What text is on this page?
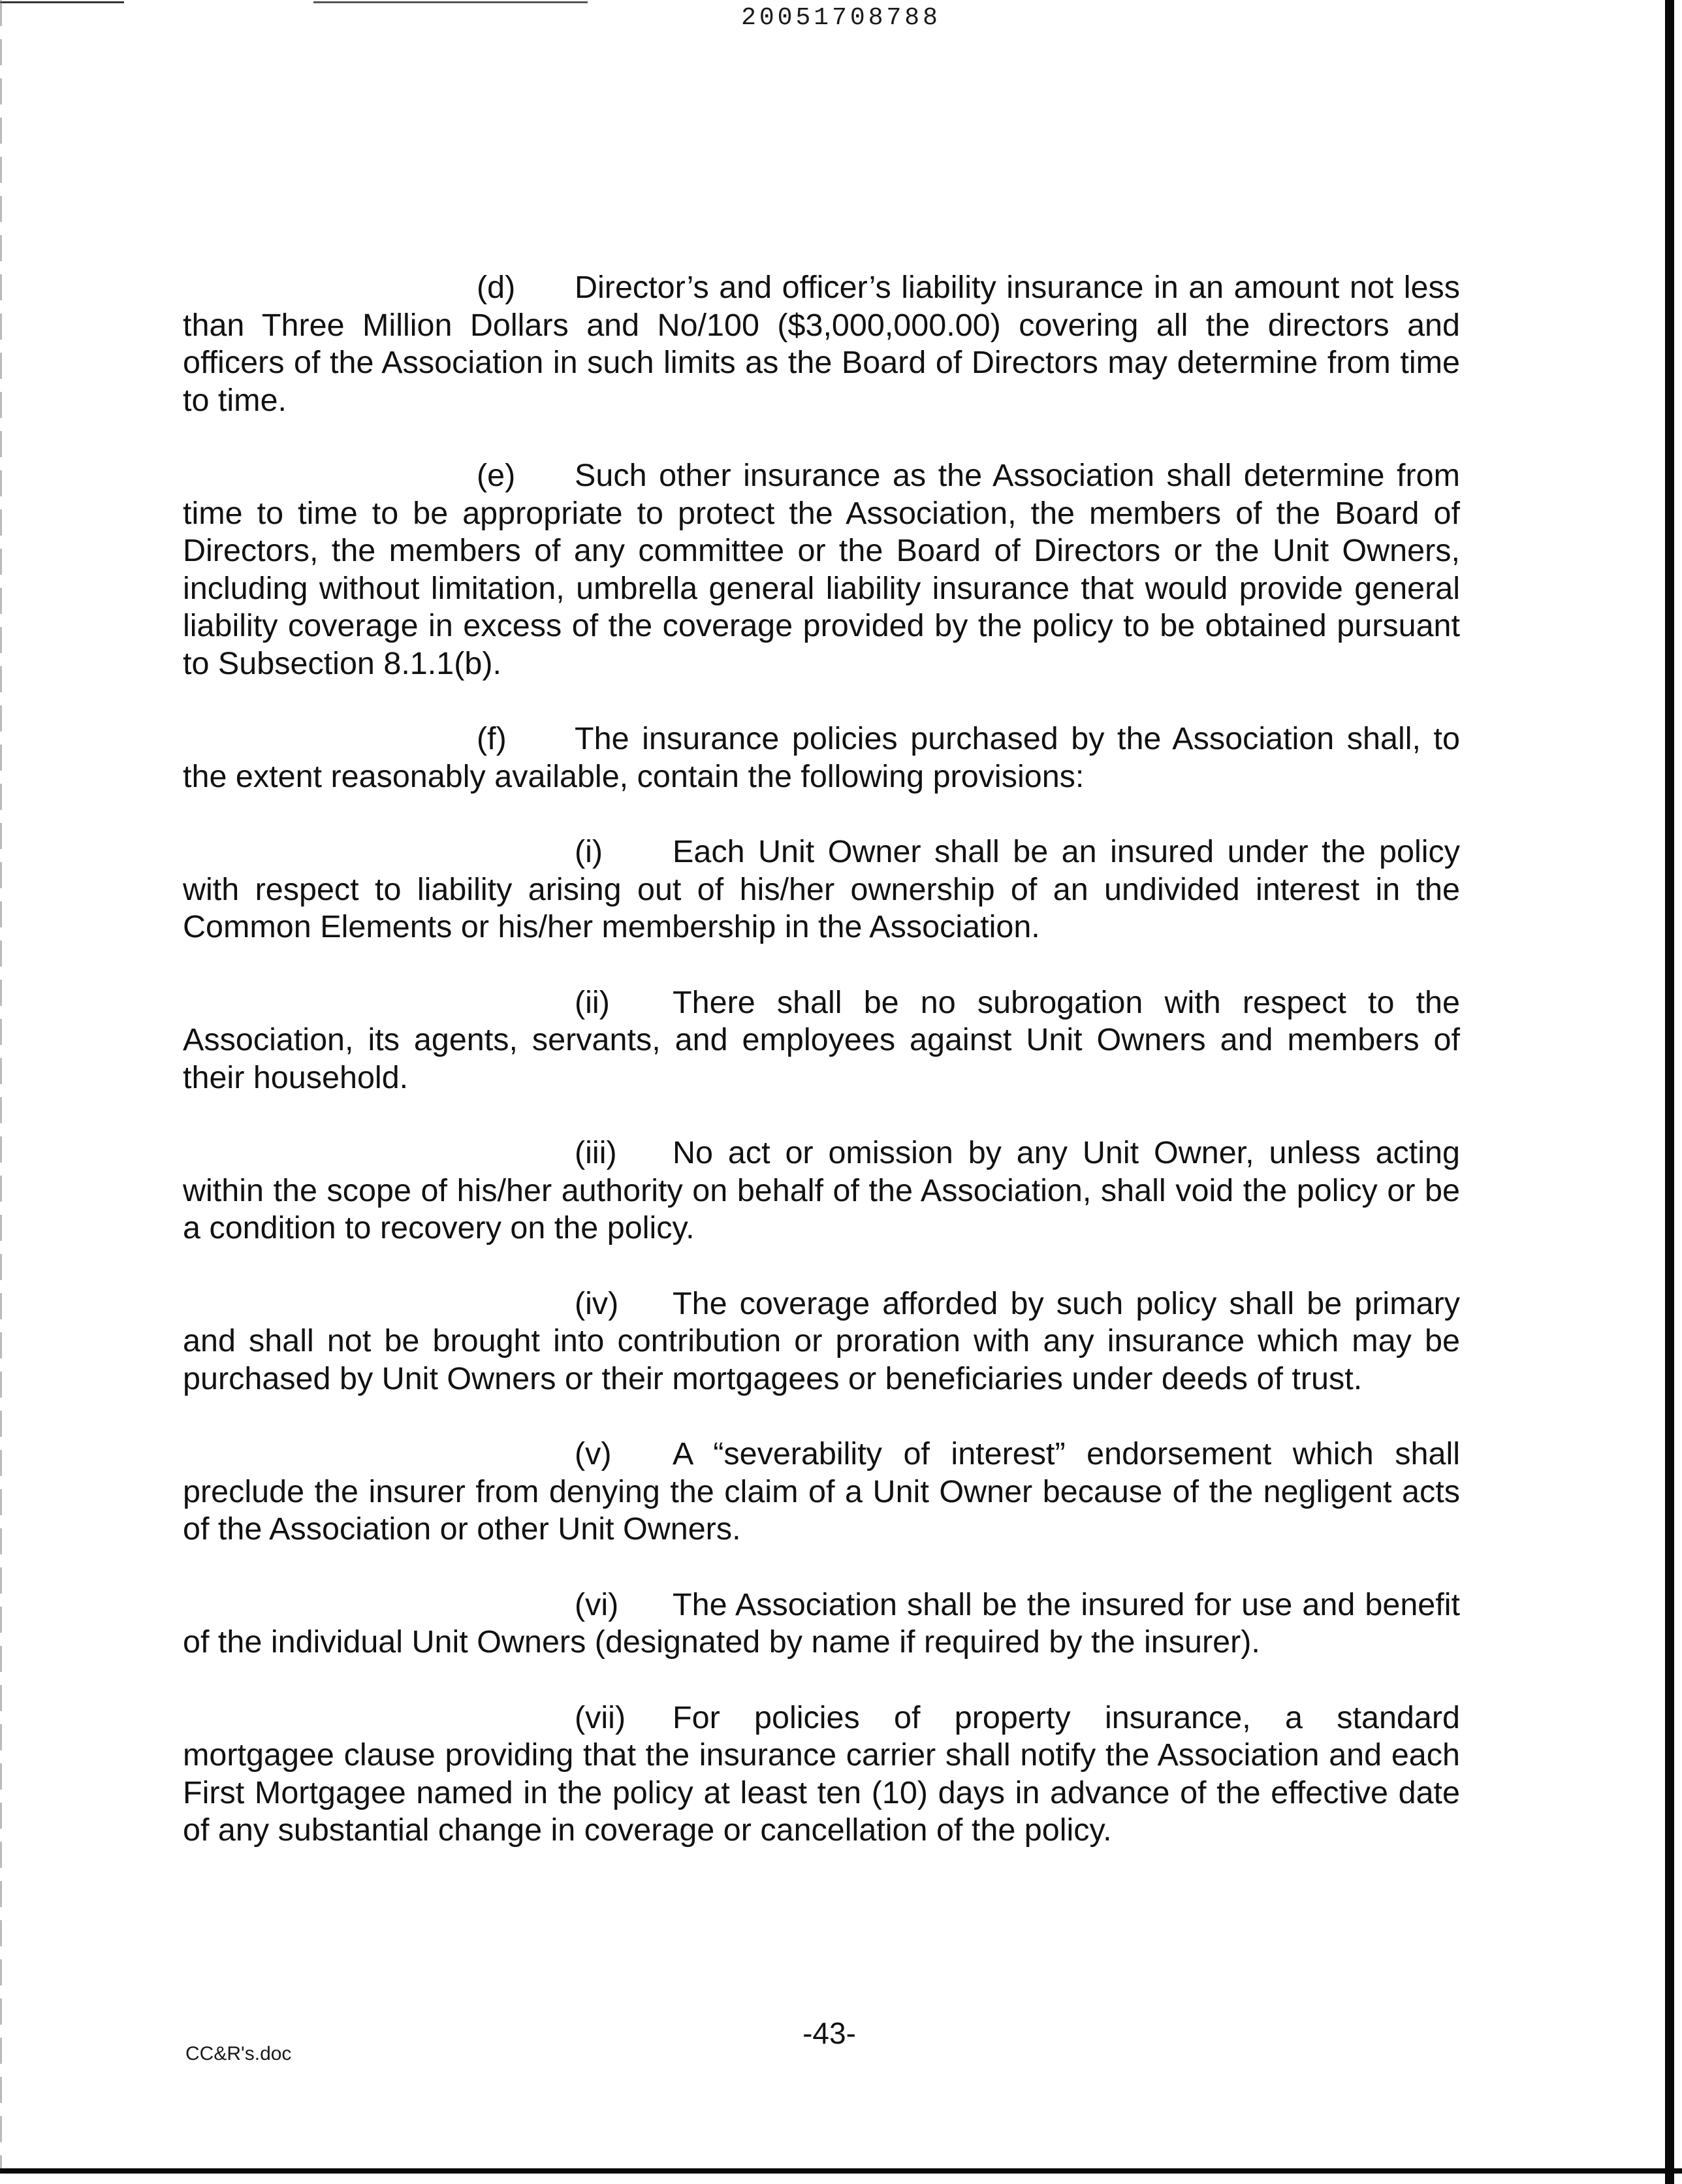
20051708788

(d) Director’s and officer’s liability insurance in an amount not less than Three Million Dollars and No/100 ($3,000,000.00) covering all the directors and officers of the Association in such limits as the Board of Directors may determine from time to time.

(e) Such other insurance as the Association shall determine from time to time to be appropriate to protect the Association, the members of the Board of Directors, the members of any committee or the Board of Directors or the Unit Owners, including without limitation, umbrella general liability insurance that would provide general liability coverage in excess of the coverage provided by the policy to be obtained pursuant to Subsection 8.1.1(b).

(f) The insurance policies purchased by the Association shall, to the extent reasonably available, contain the following provisions:

(i) Each Unit Owner shall be an insured under the policy with respect to liability arising out of his/her ownership of an undivided interest in the Common Elements or his/her membership in the Association.

(ii) There shall be no subrogation with respect to the Association, its agents, servants, and employees against Unit Owners and members of their household.

(iii) No act or omission by any Unit Owner, unless acting within the scope of his/her authority on behalf of the Association, shall void the policy or be a condition to recovery on the policy.

(iv) The coverage afforded by such policy shall be primary and shall not be brought into contribution or proration with any insurance which may be purchased by Unit Owners or their mortgagees or beneficiaries under deeds of trust.

(v) A “severability of interest” endorsement which shall preclude the insurer from denying the claim of a Unit Owner because of the negligent acts of the Association or other Unit Owners.

(vi) The Association shall be the insured for use and benefit of the individual Unit Owners (designated by name if required by the insurer).

(vii) For policies of property insurance, a standard mortgagee clause providing that the insurance carrier shall notify the Association and each First Mortgagee named in the policy at least ten (10) days in advance of the effective date of any substantial change in coverage or cancellation of the policy.

-43-
CC&R's.doc
